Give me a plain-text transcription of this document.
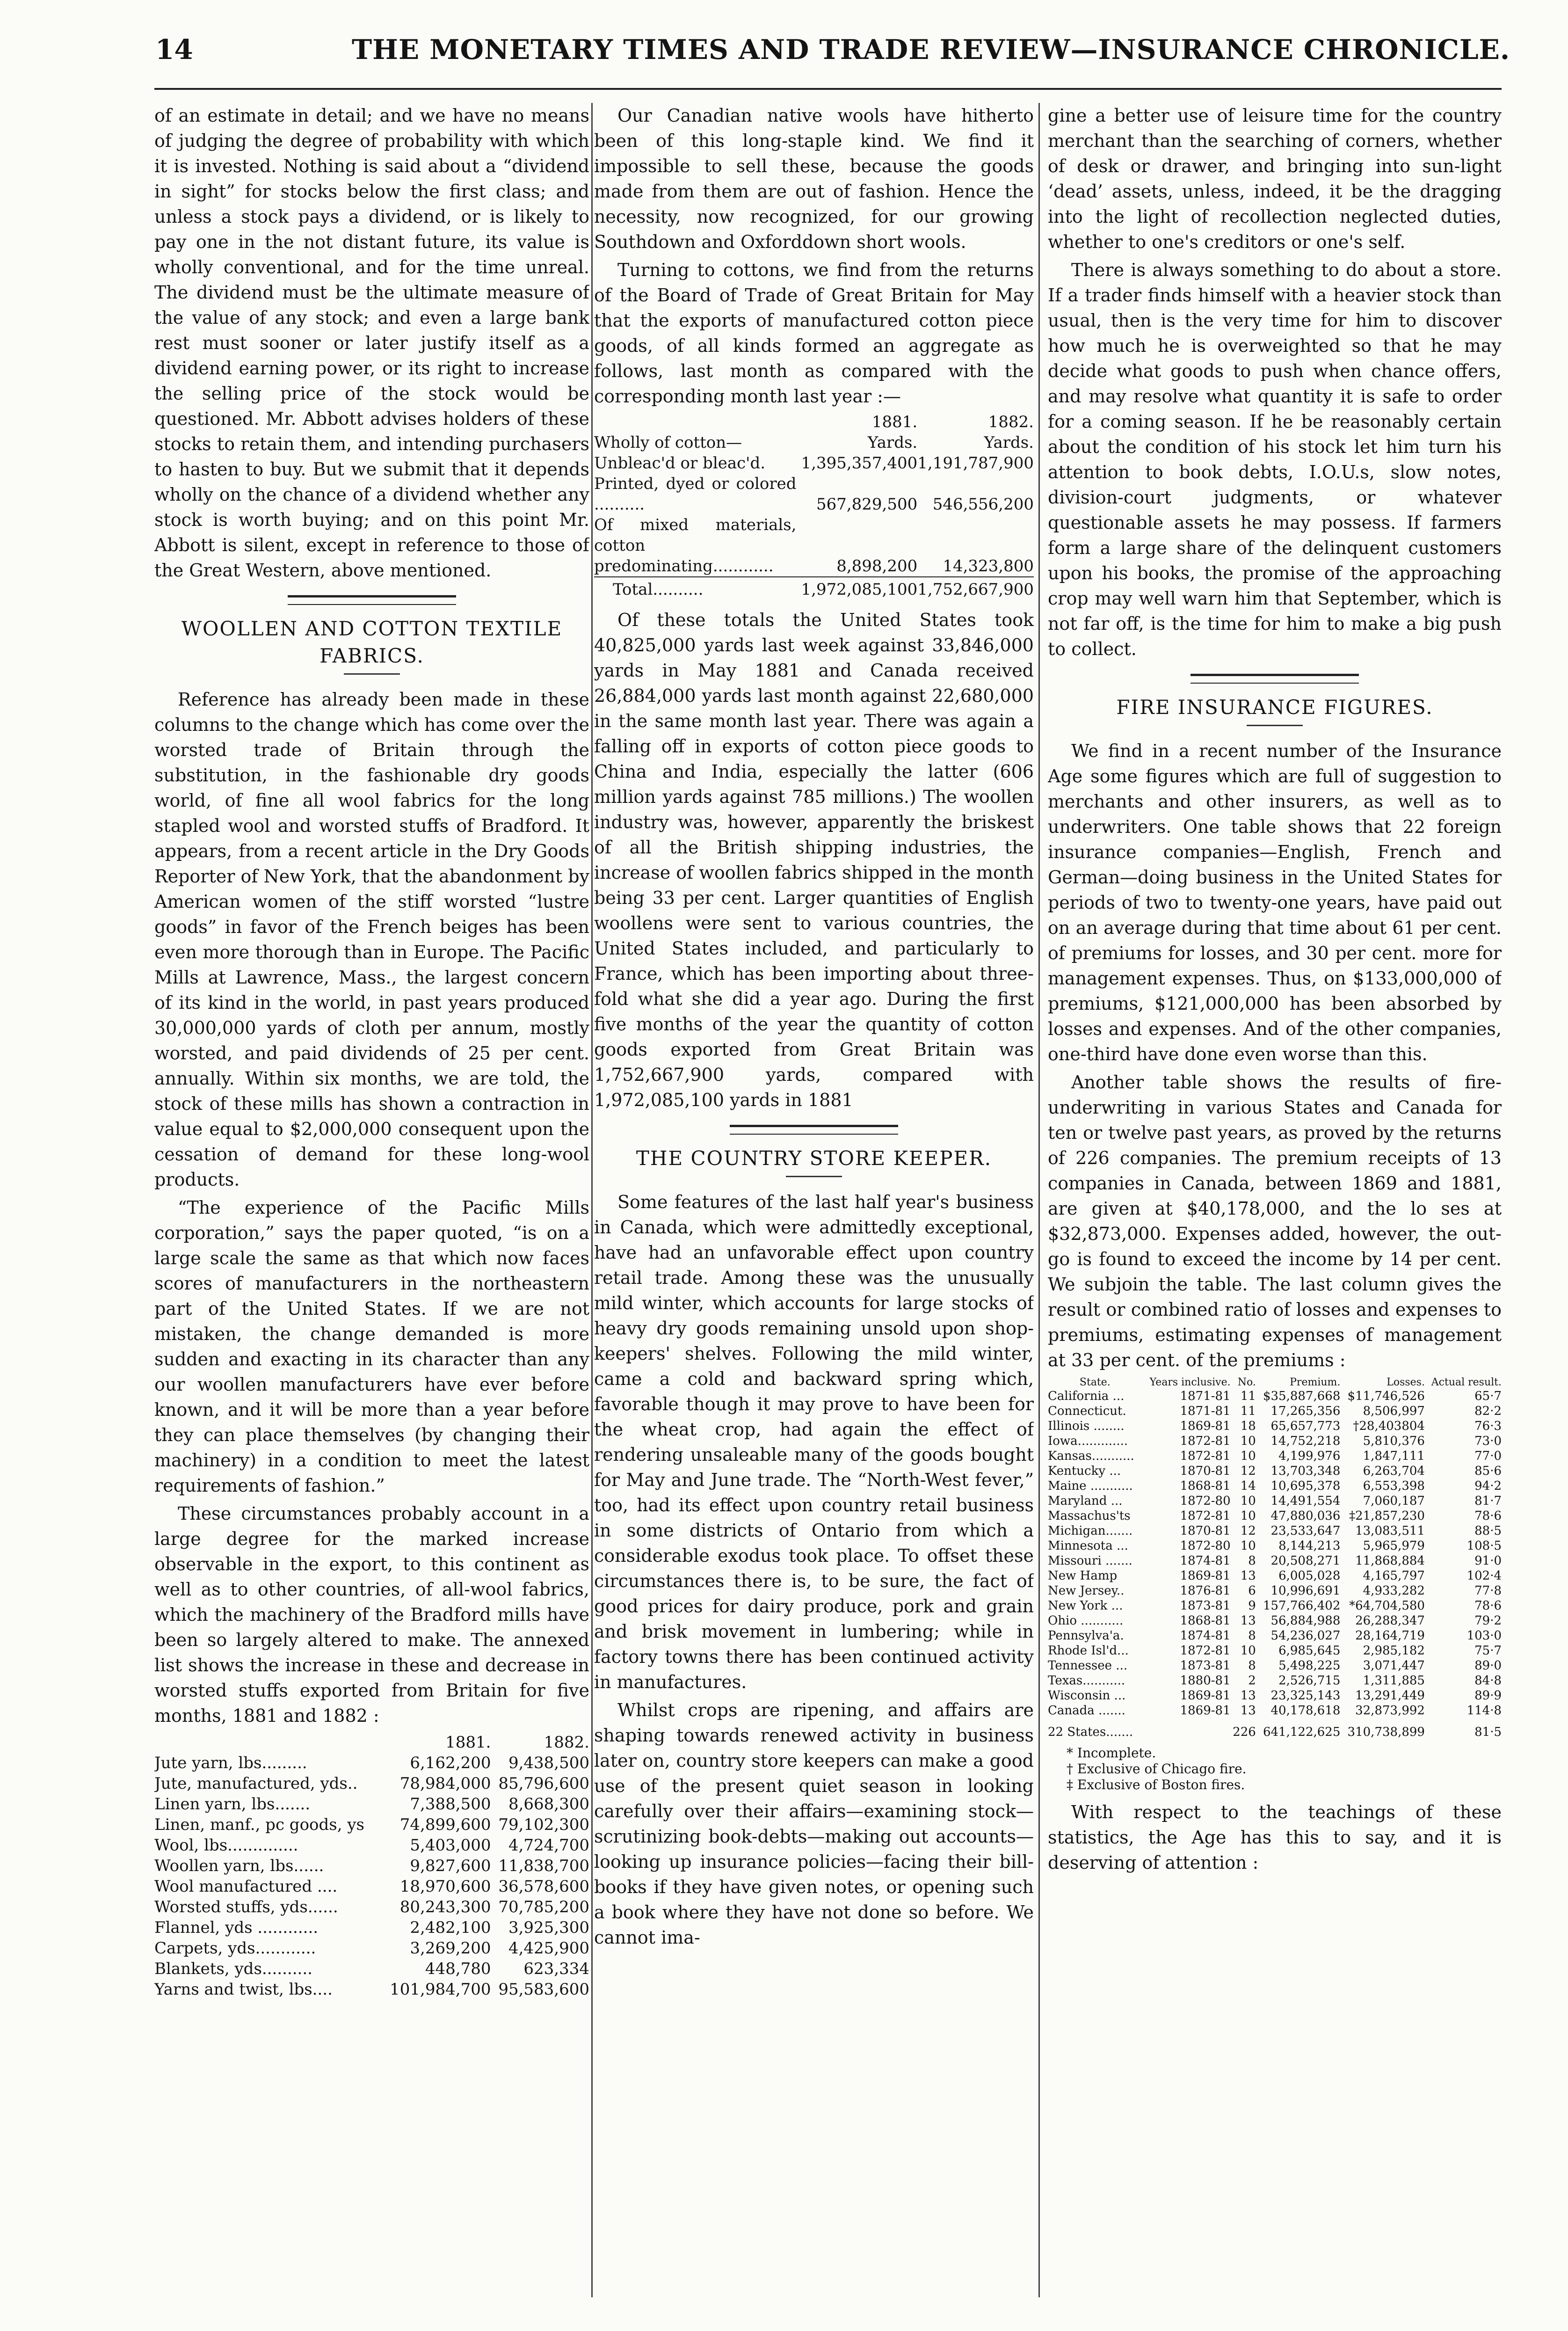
14	THE MONETARY TIMES AND TRADE REVIEW—INSURANCE CHRONICLE.

of an estimate in detail; and we have no means of judging the degree of probability with which it is invested. Nothing is said about a “dividend in sight” for stocks below the first class; and unless a stock pays a dividend, or is likely to pay one in the not distant future, its value is wholly conventional, and for the time unreal. The dividend must be the ultimate measure of the value of any stock; and even a large bank rest must sooner or later justify itself as a dividend earning power, or its right to increase the selling price of the stock would be questioned. Mr. Abbott advises holders of these stocks to retain them, and intending purchasers to hasten to buy. But we submit that it depends wholly on the chance of a dividend whether any stock is worth buying; and on this point Mr. Abbott is silent, except in reference to those of the Great Western, above mentioned.

WOOLLEN AND COTTON TEXTILE FABRICS.

Reference has already been made in these columns to the change which has come over the worsted trade of Britain through the substitution, in the fashionable dry goods world, of fine all wool fabrics for the long stapled wool and worsted stuffs of Bradford. It appears, from a recent article in the Dry Goods Reporter of New York, that the abandonment by American women of the stiff worsted “lustre goods” in favor of the French beiges has been even more thorough than in Europe. The Pacific Mills at Lawrence, Mass., the largest concern of its kind in the world, in past years produced 30,000,000 yards of cloth per annum, mostly worsted, and paid dividends of 25 per cent. annually. Within six months, we are told, the stock of these mills has shown a contraction in value equal to $2,000,000 consequent upon the cessation of demand for these long-wool products.

“The experience of the Pacific Mills corporation,” says the paper quoted, “is on a large scale the same as that which now faces scores of manufacturers in the northeastern part of the United States. If we are not mistaken, the change demanded is more sudden and exacting in its character than any our woollen manufacturers have ever before known, and it will be more than a year before they can place themselves (by changing their machinery) in a condition to meet the latest requirements of fashion.”

These circumstances probably account in a large degree for the marked increase observable in the export, to this continent as well as to other countries, of all-wool fabrics, which the machinery of the Bradford mills have been so largely altered to make. The annexed list shows the increase in these and decrease in worsted stuffs exported from Britain for five months, 1881 and 1882 :

	1881.	1882.
Jute yarn, lbs.........	6,162,200	9,438,500
Jute, manufactured, yds..	78,984,000	85,796,600
Linen yarn, lbs.......	7,388,500	8,668,300
Linen, manf., pc goods, ys	74,899,600	79,102,300
Wool, lbs..............	5,403,000	4,724,700
Woollen yarn, lbs......	9,827,600	11,838,700
Wool manufactured ....	18,970,600	36,578,600
Worsted stuffs, yds......	80,243,300	70,785,200
Flannel, yds ............	2,482,100	3,925,300
Carpets, yds............	3,269,200	4,425,900
Blankets, yds..........	448,780	623,334
Yarns and twist, lbs....	101,984,700	95,583,600

Our Canadian native wools have hitherto been of this long-staple kind. We find it impossible to sell these, because the goods made from them are out of fashion. Hence the necessity, now recognized, for our growing Southdown and Oxforddown short wools.

Turning to cottons, we find from the returns of the Board of Trade of Great Britain for May that the exports of manufactured cotton piece goods, of all kinds formed an aggregate as follows, last month as compared with the corresponding month last year :—

	1881.	1882.
Wholly of cotton—	Yards.	Yards.
Unbleac'd or bleac'd.	1,395,357,400	1,191,787,900
Printed, dyed or colored ..........	567,829,500	546,556,200
Of mixed materials, cotton predominating............	8,898,200	14,323,800
Total..........	1,972,085,100	1,752,667,900

Of these totals the United States took 40,825,000 yards last week against 33,846,000 yards in May 1881 and Canada received 26,884,000 yards last month against 22,680,000 in the same month last year. There was again a falling off in exports of cotton piece goods to China and India, especially the latter (606 million yards against 785 millions.) The woollen industry was, however, apparently the briskest of all the British shipping industries, the increase of woollen fabrics shipped in the month being 33 per cent. Larger quantities of English woollens were sent to various countries, the United States included, and particularly to France, which has been importing about three-fold what she did a year ago. During the first five months of the year the quantity of cotton goods exported from Great Britain was 1,752,667,900 yards, compared with 1,972,085,100 yards in 1881

THE COUNTRY STORE KEEPER.

Some features of the last half year's business in Canada, which were admittedly exceptional, have had an unfavorable effect upon country retail trade. Among these was the unusually mild winter, which accounts for large stocks of heavy dry goods remaining unsold upon shop-keepers' shelves. Following the mild winter, came a cold and backward spring which, favorable though it may prove to have been for the wheat crop, had again the effect of rendering unsaleable many of the goods bought for May and June trade. The “North-West fever,” too, had its effect upon country retail business in some districts of Ontario from which a considerable exodus took place. To offset these circumstances there is, to be sure, the fact of good prices for dairy produce, pork and grain and brisk movement in lumbering; while in factory towns there has been continued activity in manufactures.

Whilst crops are ripening, and affairs are shaping towards renewed activity in business later on, country store keepers can make a good use of the present quiet season in looking carefully over their affairs—examining stock—scrutinizing book-debts—making out accounts—looking up insurance policies—facing their bill-books if they have given notes, or opening such a book where they have not done so before. We cannot ima-

gine a better use of leisure time for the country merchant than the searching of corners, whether of desk or drawer, and bringing into sun-light ‘dead’ assets, unless, indeed, it be the dragging into the light of recollection neglected duties, whether to one's creditors or one's self.

There is always something to do about a store. If a trader finds himself with a heavier stock than usual, then is the very time for him to discover how much he is overweighted so that he may decide what goods to push when chance offers, and may resolve what quantity it is safe to order for a coming season. If he be reasonably certain about the condition of his stock let him turn his attention to book debts, I.O.U.s, slow notes, division-court judgments, or whatever questionable assets he may possess. If farmers form a large share of the delinquent customers upon his books, the promise of the approaching crop may well warn him that September, which is not far off, is the time for him to make a big push to collect.

FIRE INSURANCE FIGURES.

We find in a recent number of the Insurance Age some figures which are full of suggestion to merchants and other insurers, as well as to underwriters. One table shows that 22 foreign insurance companies—English, French and German—doing business in the United States for periods of two to twenty-one years, have paid out on an average during that time about 61 per cent. of premiums for losses, and 30 per cent. more for management expenses. Thus, on $133,000,000 of premiums, $121,000,000 has been absorbed by losses and expenses. And of the other companies, one-third have done even worse than this.

Another table shows the results of fire-underwriting in various States and Canada for ten or twelve past years, as proved by the returns of 226 companies. The premium receipts of 13 companies in Canada, between 1869 and 1881, are given at $40,178,000, and the lo ses at $32,873,000. Expenses added, however, the out-go is found to exceed the income by 14 per cent. We subjoin the table. The last column gives the result or combined ratio of losses and expenses to premiums, estimating expenses of management at 33 per cent. of the premiums :

State.	Years inclusive.	No.	Premium.	Losses.	Actual result.
California ...	1871-81	11	$35,887,668	$11,746,526	65·7
Connecticut.	1871-81	11	17,265,356	8,506,997	82·2
Illinois ........	1869-81	18	65,657,773	†28,403804	76·3
Iowa.............	1872-81	10	14,752,218	5,810,376	73·0
Kansas...........	1872-81	10	4,199,976	1,847,111	77·0
Kentucky ...	1870-81	12	13,703,348	6,263,704	85·6
Maine ...........	1868-81	14	10,695,378	6,553,398	94·2
Maryland ...	1872-80	10	14,491,554	7,060,187	81·7
Massachus'ts	1872-81	10	47,880,036	‡21,857,230	78·6
Michigan.......	1870-81	12	23,533,647	13,083,511	88·5
Minnesota ...	1872-80	10	8,144,213	5,965,979	108·5
Missouri .......	1874-81	8	20,508,271	11,868,884	91·0
New Hamp	1869-81	13	6,005,028	4,165,797	102·4
New Jersey..	1876-81	6	10,996,691	4,933,282	77·8
New York ...	1873-81	9	157,766,402	*64,704,580	78·6
Ohio ...........	1868-81	13	56,884,988	26,288,347	79·2
Pennsylva'a.	1874-81	8	54,236,027	28,164,719	103·0
Rhode Isl'd...	1872-81	10	6,985,645	2,985,182	75·7
Tennessee ...	1873-81	8	5,498,225	3,071,447	89·0
Texas...........	1880-81	2	2,526,715	1,311,885	84·8
Wisconsin ...	1869-81	13	23,325,143	13,291,449	89·9
Canada .......	1869-81	13	40,178,618	32,873,992	114·8
22 States.......		226	641,122,625	310,738,899	81·5
* Incomplete.
† Exclusive of Chicago fire.
‡ Exclusive of Boston fires.

With respect to the teachings of these statistics, the Age has this to say, and it is deserving of attention :
